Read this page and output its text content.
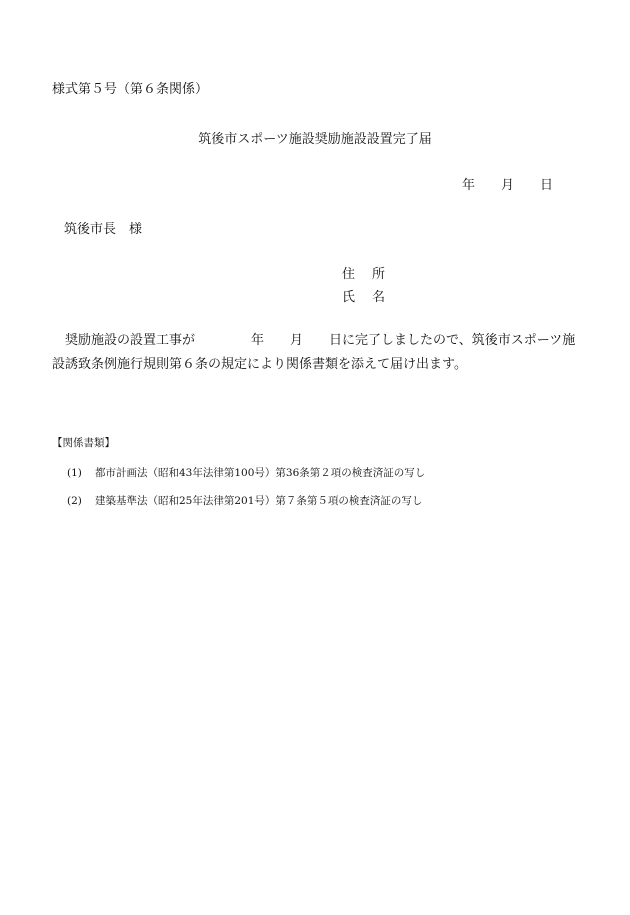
様式第５号（第６条関係）
筑後市スポーツ施設奨励施設設置完了届
年 月 日
筑後市長　様
住 所
氏 名
奨励施設の設置工事が	年 月 日に完了しましたので、筑後市スポーツ施
設誘致条例施行規則第６条の規定により関係書類を添えて届け出ます。
【関係書類】
(1) 都市計画法（昭和43年法律第100号）第36条第２項の検査済証の写し
(2) 建築基準法（昭和25年法律第201号）第７条第５項の検査済証の写し
